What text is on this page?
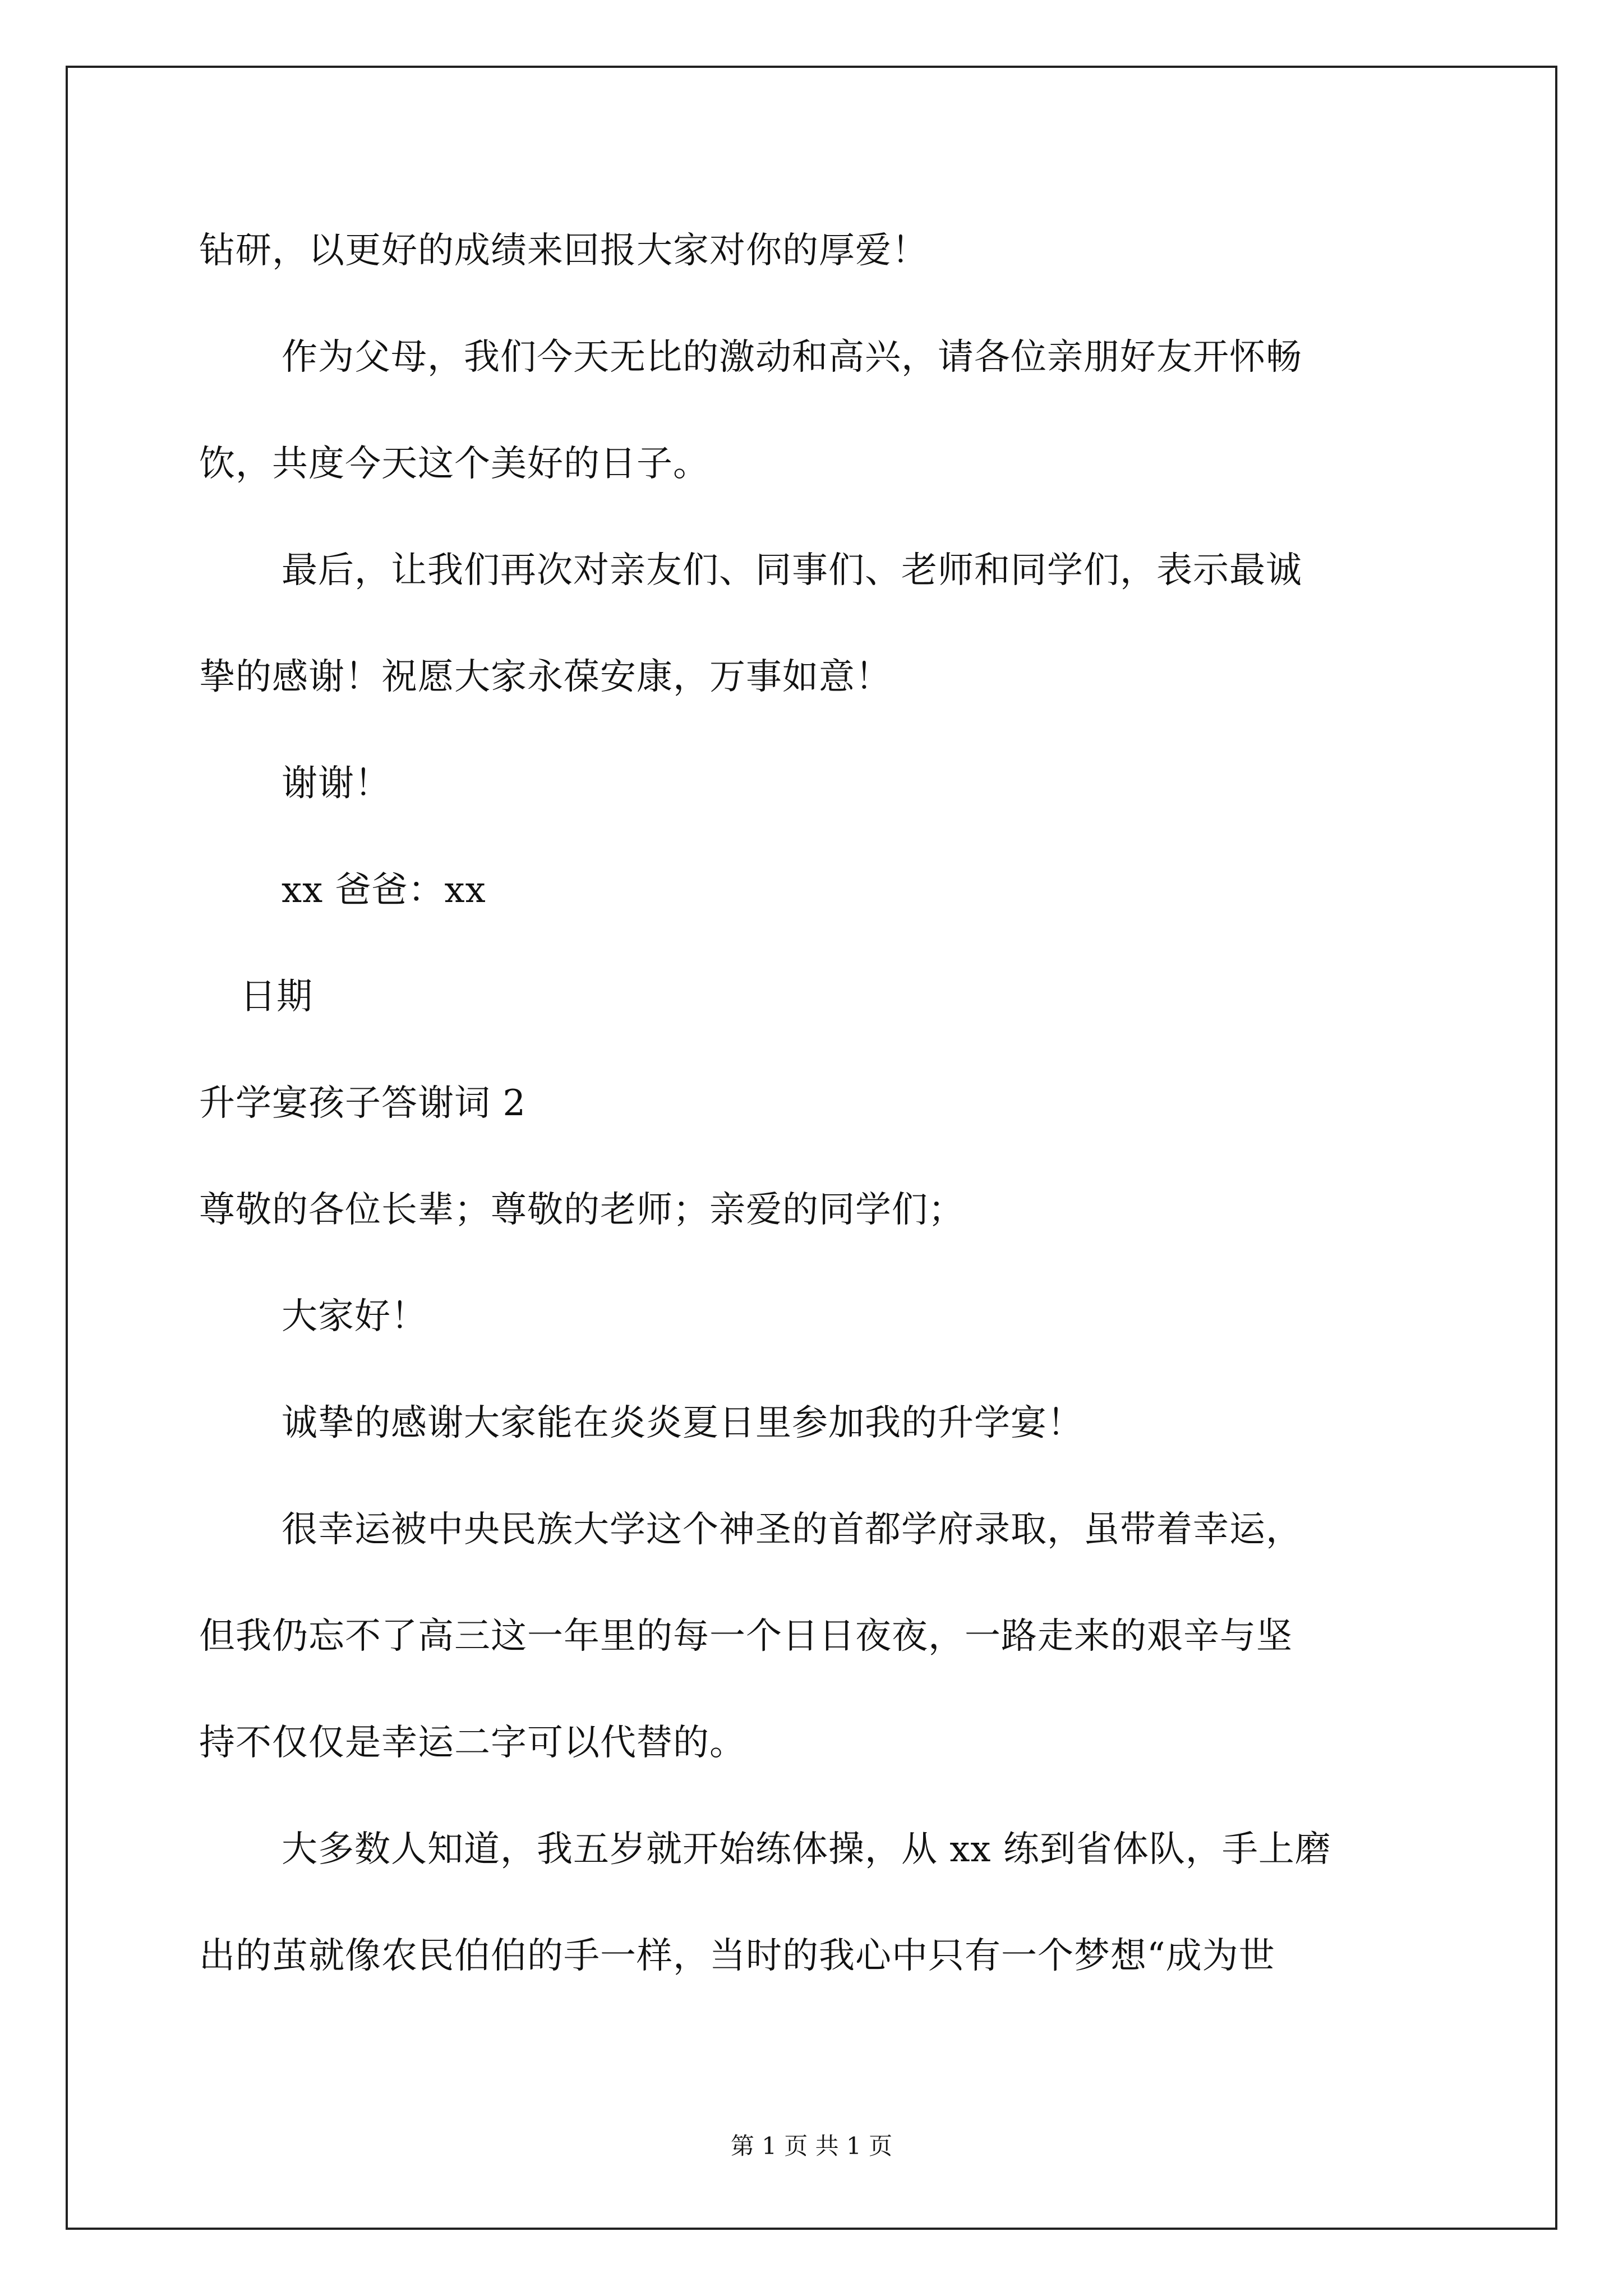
钻研，以更好的成绩来回报大家对你的厚爱！
作为父母，我们今天无比的激动和高兴，请各位亲朋好友开怀畅
饮，共度今天这个美好的日子。
最后，让我们再次对亲友们、同事们、老师和同学们，表示最诚
挚的感谢！祝愿大家永葆安康，万事如意！
谢谢！
xx 爸爸：xx
日期
升学宴孩子答谢词 2
尊敬的各位长辈；尊敬的老师；亲爱的同学们；
大家好！
诚挚的感谢大家能在炎炎夏日里参加我的升学宴！
很幸运被中央民族大学这个神圣的首都学府录取，虽带着幸运，
但我仍忘不了高三这一年里的每一个日日夜夜，一路走来的艰辛与坚
持不仅仅是幸运二字可以代替的。
大多数人知道，我五岁就开始练体操，从 xx 练到省体队，手上磨
出的茧就像农民伯伯的手一样，当时的我心中只有一个梦想“成为世
第 1 页 共 1 页
